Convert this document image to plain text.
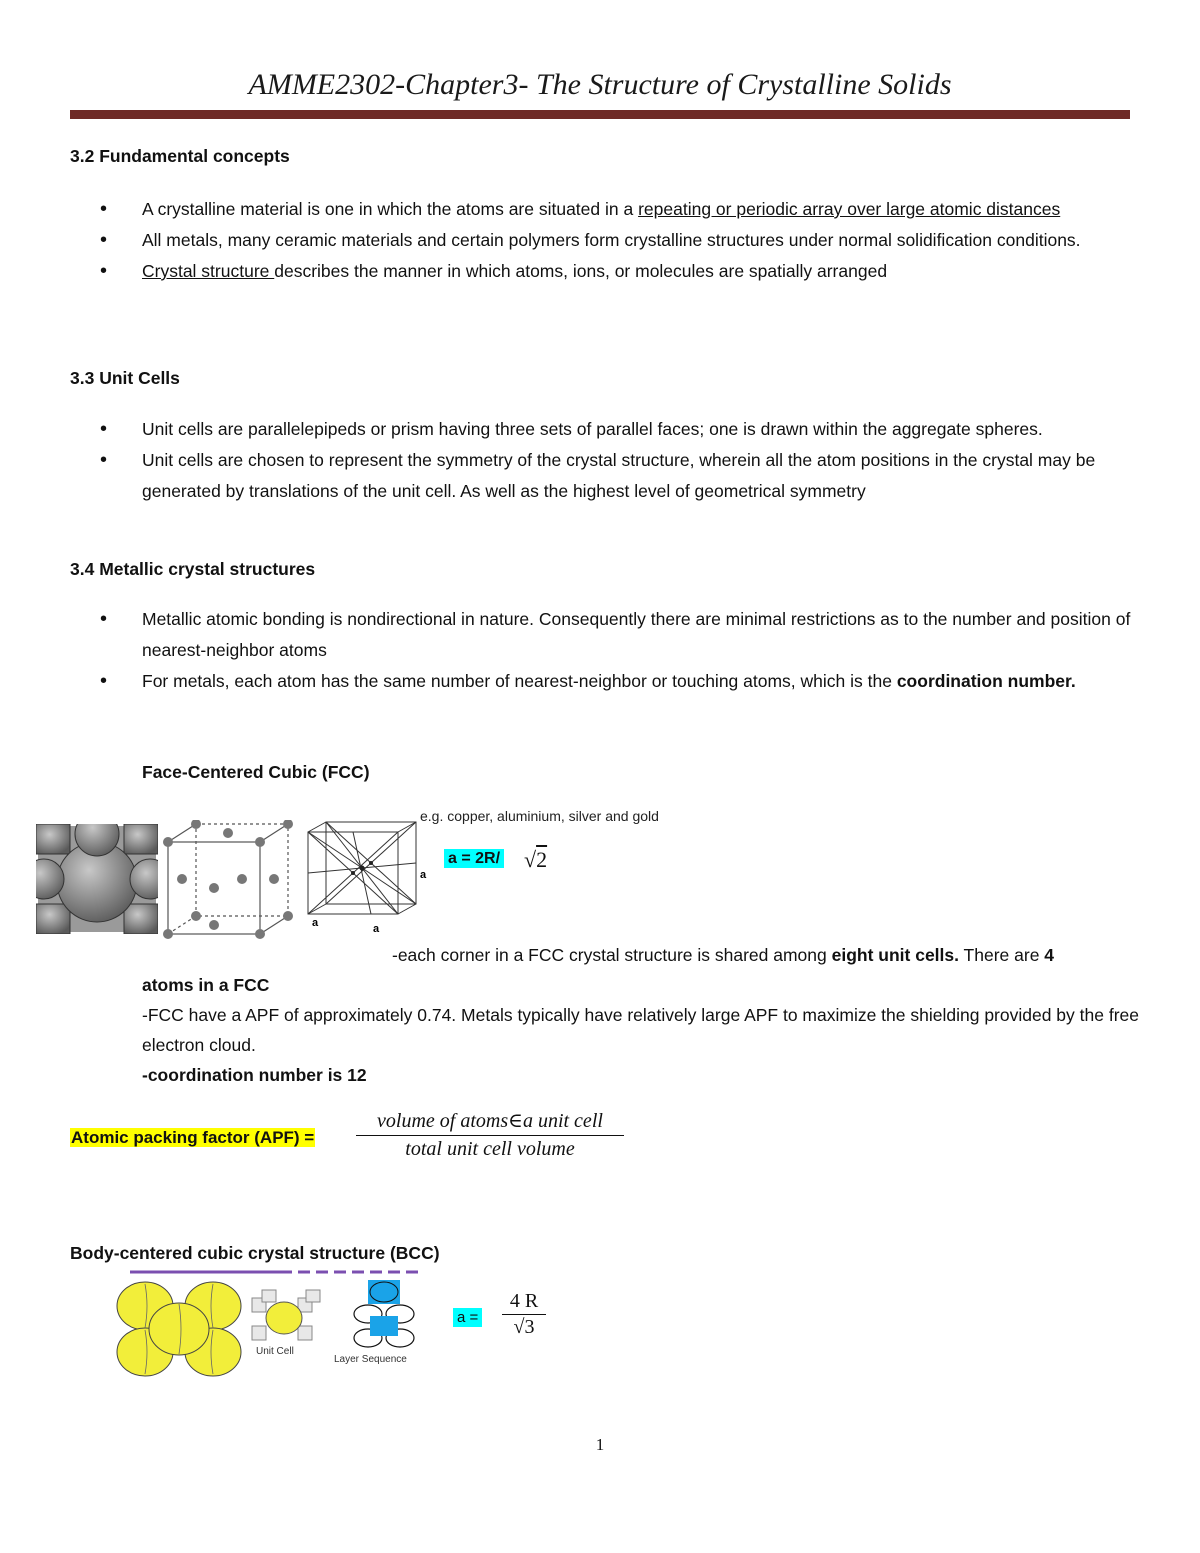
AMME2302-Chapter3- The Structure of Crystalline Solids
3.2 Fundamental concepts
• A crystalline material is one in which the atoms are situated in a repeating or periodic array over large atomic distances
• All metals, many ceramic materials and certain polymers form crystalline structures under normal solidification conditions.
• Crystal structure describes the manner in which atoms, ions, or molecules are spatially arranged
3.3 Unit Cells
• Unit cells are parallelepipeds or prism having three sets of parallel faces; one is drawn within the aggregate spheres.
• Unit cells are chosen to represent the symmetry of the crystal structure, wherein all the atom positions in the crystal may be generated by translations of the unit cell. As well as the highest level of geometrical symmetry
3.4 Metallic crystal structures
• Metallic atomic bonding is nondirectional in nature. Consequently there are minimal restrictions as to the number and position of nearest-neighbor atoms
• For metals, each atom has the same number of nearest-neighbor or touching atoms, which is the coordination number.
Face-Centered Cubic (FCC)
a	a
a
e.g. copper, aluminium, silver and gold
a = 2R/ √2
-each corner in a FCC crystal structure is shared among eight unit cells. There are 4
atoms in a FCC
-FCC have a APF of approximately 0.74. Metals typically have relatively large APF to maximize the shielding provided by the free electron cloud.
-coordination number is 12
Atomic packing factor (APF) =
volume of atoms∈a unit cell
total unit cell volume
Body-centered cubic crystal structure (BCC)
Unit Cell
Layer Sequence
a =
4 R
√3
1
